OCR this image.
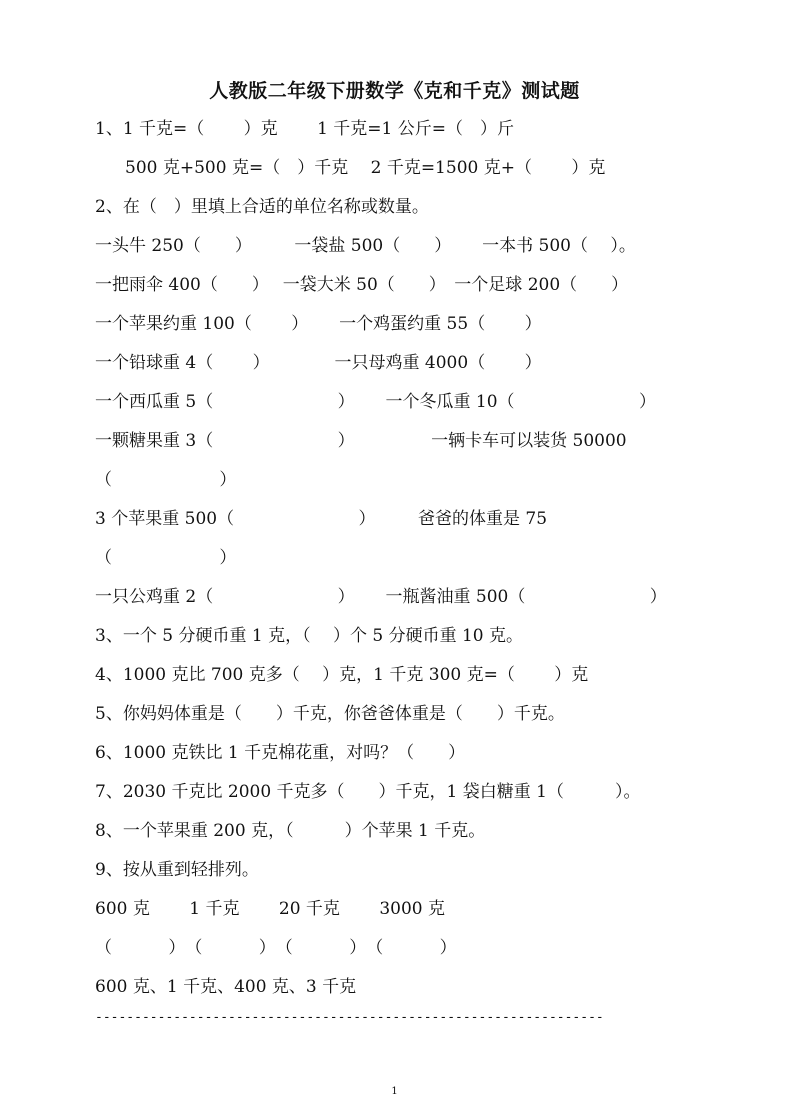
人教版二年级下册数学《克和千克》测试题
1、1 千克=（　　 ）克　　 1 千克=1 公斤=（　）斤
500 克+500 克=（　）千克　 2 千克=1500 克+（　　 ）克
2、在（　）里填上合适的单位名称或数量。
一头牛 250（　　）　　　一袋盐 500（　　）　　 一本书 500（　 ）。
一把雨伞 400（　　）　 一袋大米 50（　　）　一个足球 200（　　）
一个苹果约重 100（　　 ）　　 一个鸡蛋约重 55（　　 ）
一个铅球重 4（　　 ）　　　　 一只母鸡重 4000（　　 ）
一个西瓜重 5（　　　　　　　 ）　　 一个冬瓜重 10（　　　　　　　 ）
一颗糖果重 3（　　　　　　　 ）　　　　　一辆卡车可以装货 50000
（　　　　　　 ）
3 个苹果重 500（　　　　　　　 ）　　　爸爸的体重是 75
（　　　　　　 ）
一只公鸡重 2（　　　　　　　 ）　　 一瓶酱油重 500（　　　　　　　 ）
3、一个 5 分硬币重 1 克，（　 ）个 5 分硬币重 10 克。
4、1000 克比 700 克多（　 ）克，1 千克 300 克=（　　 ）克
5、你妈妈体重是（　　）千克，你爸爸体重是（　　）千克。
6、1000 克铁比 1 千克棉花重，对吗？（　　）
7、2030 千克比 2000 千克多（　　）千克，1 袋白糖重 1（　　　）。
8、一个苹果重 200 克，（　　　）个苹果 1 千克。
9、按从重到轻排列。
600 克　　 1 千克　　 20 千克　　 3000 克
（　　　 ）　（　　　 ）　（　　　 ）　（　　　 ）
600 克、1 千克、400 克、3 千克
-----------------------------------------------------------------
1
